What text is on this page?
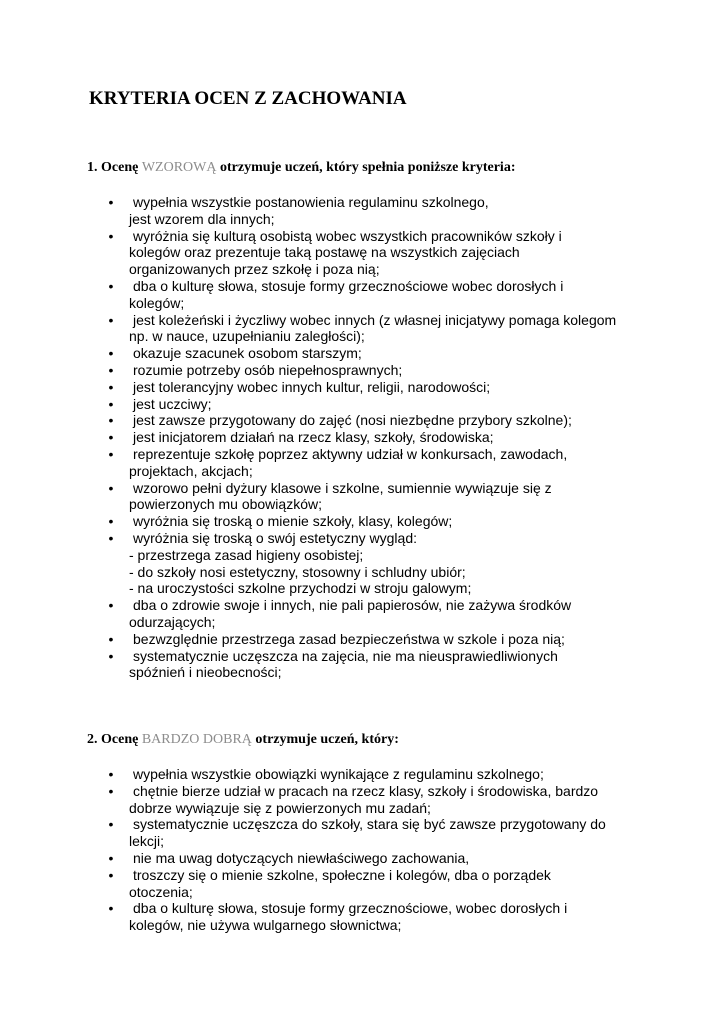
KRYTERIA OCEN Z ZACHOWANIA
1. Ocenę WZOROWĄ otrzymuje uczeń, który spełnia poniższe kryteria:
• wypełnia wszystkie postanowienia regulaminu szkolnego,
jest wzorem dla innych;
• wyróżnia się kulturą osobistą wobec wszystkich pracowników szkoły i
kolegów oraz prezentuje taką postawę na wszystkich zajęciach
organizowanych przez szkołę i poza nią;
• dba o kulturę słowa, stosuje formy grzecznościowe wobec dorosłych i
kolegów;
• jest koleżeński i życzliwy wobec innych (z własnej inicjatywy pomaga kolegom
np. w nauce, uzupełnianiu zaległości);
• okazuje szacunek osobom starszym;
• rozumie potrzeby osób niepełnosprawnych;
• jest tolerancyjny wobec innych kultur, religii, narodowości;
• jest uczciwy;
• jest zawsze przygotowany do zajęć (nosi niezbędne przybory szkolne);
• jest inicjatorem działań na rzecz klasy, szkoły, środowiska;
• reprezentuje szkołę poprzez aktywny udział w konkursach, zawodach,
projektach, akcjach;
• wzorowo pełni dyżury klasowe i szkolne, sumiennie wywiązuje się z
powierzonych mu obowiązków;
• wyróżnia się troską o mienie szkoły, klasy, kolegów;
• wyróżnia się troską o swój estetyczny wygląd:
- przestrzega zasad higieny osobistej;
- do szkoły nosi estetyczny, stosowny i schludny ubiór;
- na uroczystości szkolne przychodzi w stroju galowym;
• dba o zdrowie swoje i innych, nie pali papierosów, nie zażywa środków
odurzających;
• bezwzględnie przestrzega zasad bezpieczeństwa w szkole i poza nią;
• systematycznie uczęszcza na zajęcia, nie ma nieusprawiedliwionych
spóźnień i nieobecności;
2. Ocenę BARDZO DOBRĄ otrzymuje uczeń, który:
• wypełnia wszystkie obowiązki wynikające z regulaminu szkolnego;
• chętnie bierze udział w pracach na rzecz klasy, szkoły i środowiska, bardzo
dobrze wywiązuje się z powierzonych mu zadań;
• systematycznie uczęszcza do szkoły, stara się być zawsze przygotowany do
lekcji;
• nie ma uwag dotyczących niewłaściwego zachowania,
• troszczy się o mienie szkolne, społeczne i kolegów, dba o porządek
otoczenia;
• dba o kulturę słowa, stosuje formy grzecznościowe, wobec dorosłych i
kolegów, nie używa wulgarnego słownictwa;
